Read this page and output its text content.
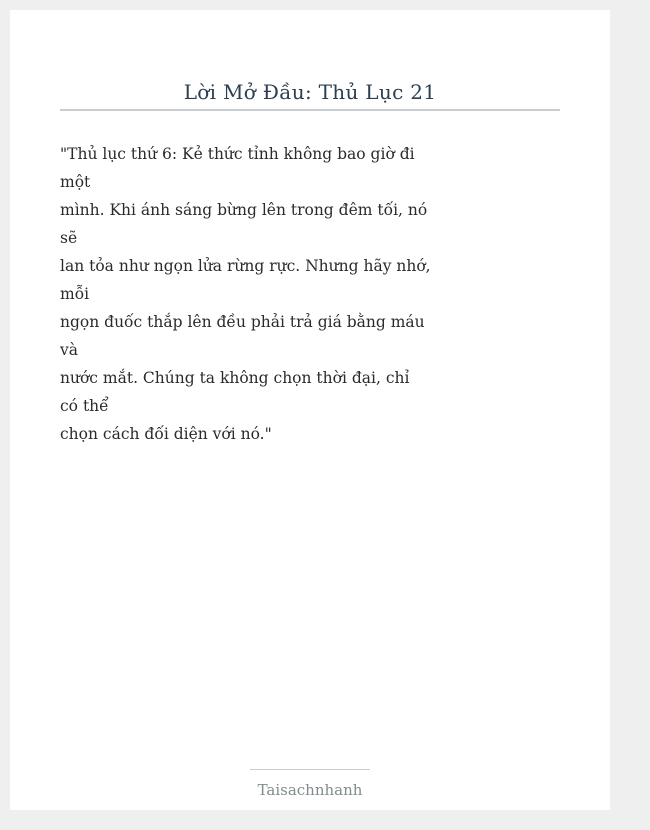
Lời Mở Đầu: Thủ Lục 21
"Thủ lục thứ 6: Kẻ thức tỉnh không bao giờ đi
một
mình. Khi ánh sáng bừng lên trong đêm tối, nó
sẽ
lan tỏa như ngọn lửa rừng rực. Nhưng hãy nhớ,
mỗi
ngọn đuốc thắp lên đều phải trả giá bằng máu
và
nước mắt. Chúng ta không chọn thời đại, chỉ
có thể
chọn cách đối diện với nó."
Taisachnhanh
